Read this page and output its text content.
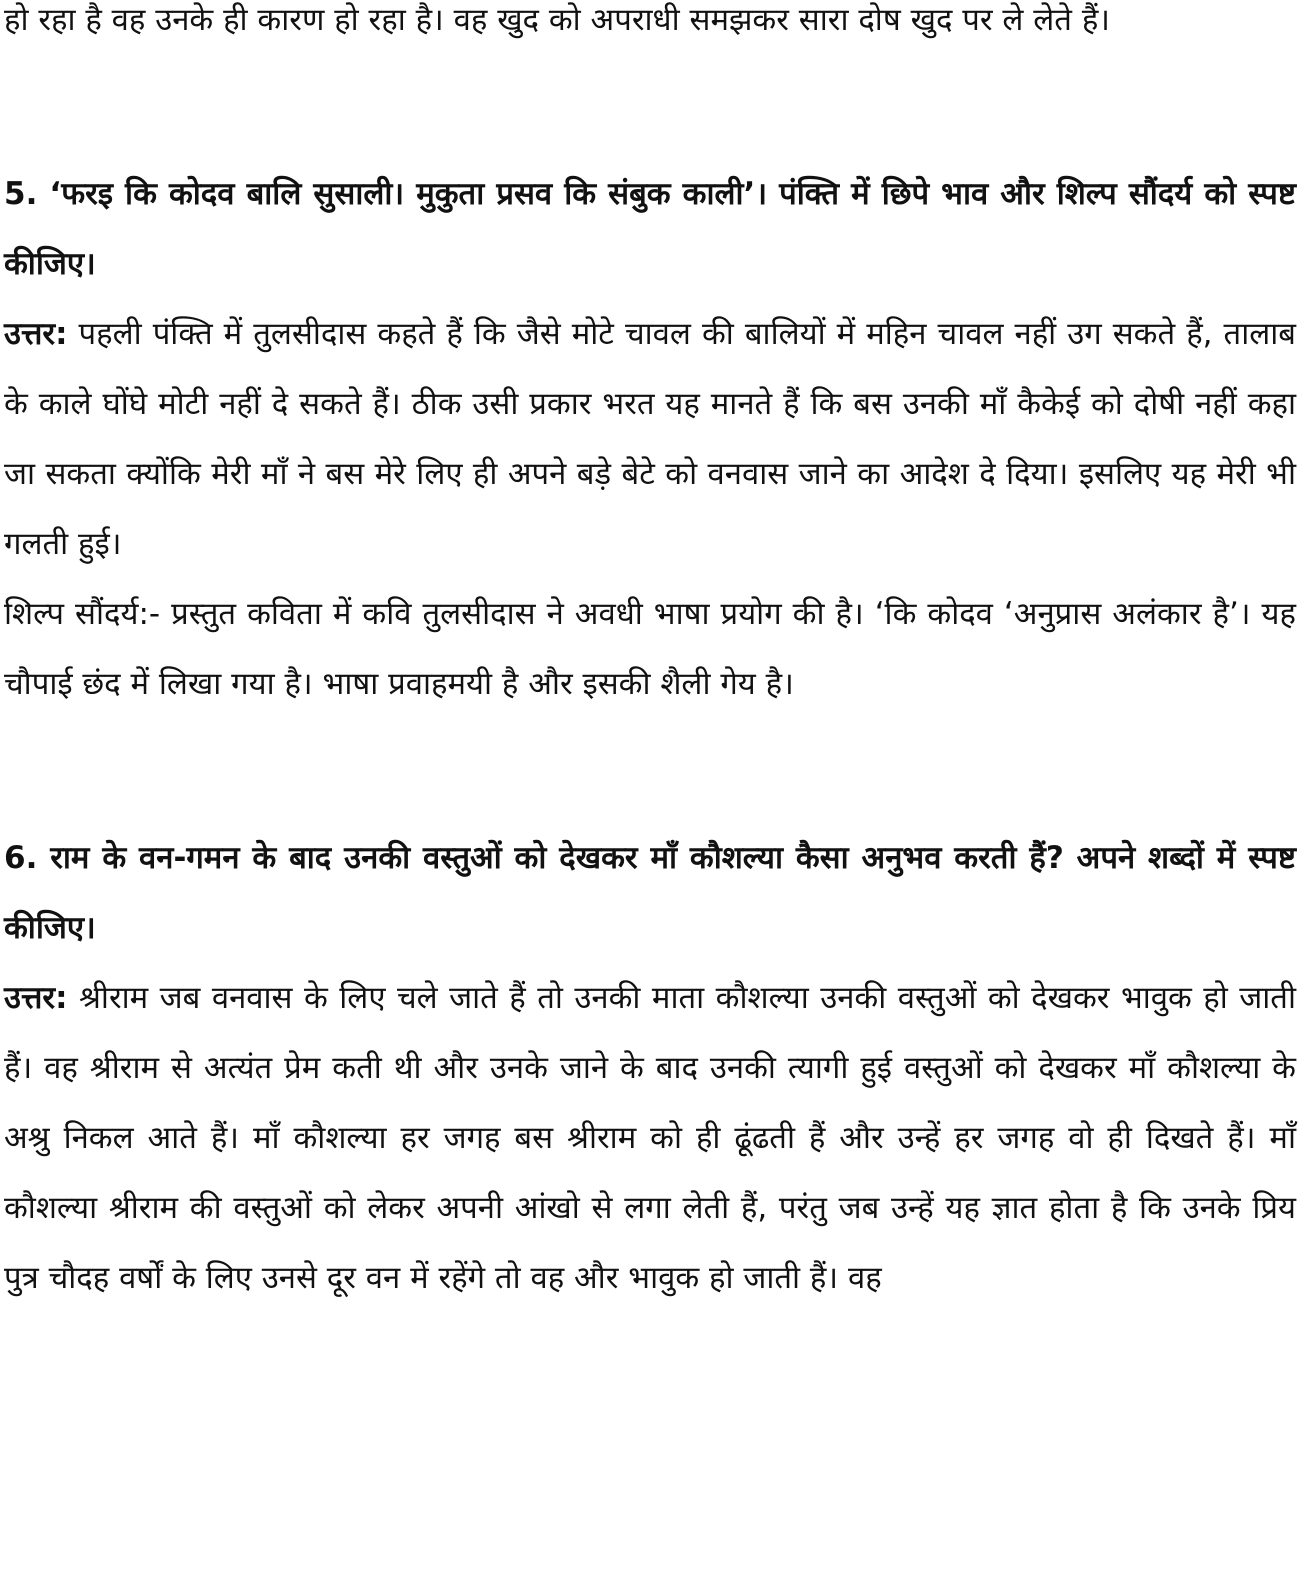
हो रहा है वह उनके ही कारण हो रहा है। वह खुद को अपराधी समझकर सारा दोष खुद पर ले लेते हैं।

5. ‘फरइ कि कोदव बालि सुसाली। मुकुता प्रसव कि संबुक काली’। पंक्ति में छिपे भाव और शिल्प सौंदर्य को स्पष्ट कीजिए।

उत्तर: पहली पंक्ति में तुलसीदास कहते हैं कि जैसे मोटे चावल की बालियों में महिन चावल नहीं उग सकते हैं, तालाब के काले घोंघे मोटी नहीं दे सकते हैं। ठीक उसी प्रकार भरत यह मानते हैं कि बस उनकी माँ कैकेई को दोषी नहीं कहा जा सकता क्योंकि मेरी माँ ने बस मेरे लिए ही अपने बड़े बेटे को वनवास जाने का आदेश दे दिया। इसलिए यह मेरी भी गलती हुई।

शिल्प सौंदर्य:- प्रस्तुत कविता में कवि तुलसीदास ने अवधी भाषा प्रयोग की है। ‘कि कोदव ‘अनुप्रास अलंकार है’। यह चौपाई छंद में लिखा गया है। भाषा प्रवाहमयी है और इसकी शैली गेय है।

6. राम के वन-गमन के बाद उनकी वस्तुओं को देखकर माँ कौशल्या कैसा अनुभव करती हैं? अपने शब्दों में स्पष्ट कीजिए।

उत्तर: श्रीराम जब वनवास के लिए चले जाते हैं तो उनकी माता कौशल्या उनकी वस्तुओं को देखकर भावुक हो जाती हैं। वह श्रीराम से अत्यंत प्रेम कती थी और उनके जाने के बाद उनकी त्यागी हुई वस्तुओं को देखकर माँ कौशल्या के अश्रु निकल आते हैं। माँ कौशल्या हर जगह बस श्रीराम को ही ढूंढती हैं और उन्हें हर जगह वो ही दिखते हैं। माँ कौशल्या श्रीराम की वस्तुओं को लेकर अपनी आंखो से लगा लेती हैं, परंतु जब उन्हें यह ज्ञात होता है कि उनके प्रिय पुत्र चौदह वर्षों के लिए उनसे दूर वन में रहेंगे तो वह और भावुक हो जाती हैं। वह
